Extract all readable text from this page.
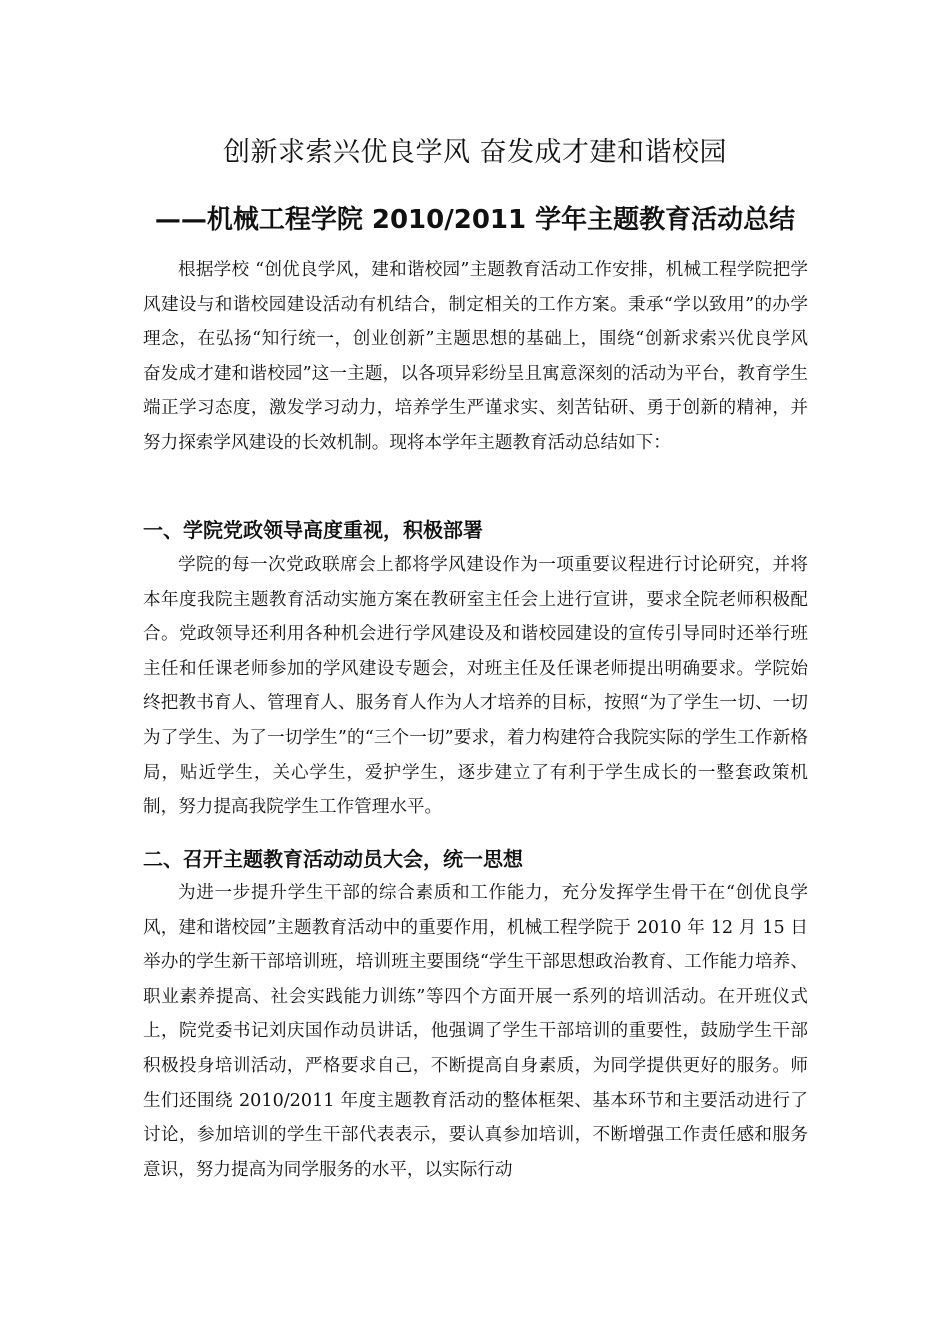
创新求索兴优良学风 奋发成才建和谐校园
——机械工程学院 2010/2011 学年主题教育活动总结

根据学校 “创优良学风，建和谐校园”主题教育活动工作安排，机械工程学院把学风建设与和谐校园建设活动有机结合，制定相关的工作方案。秉承“学以致用”的办学理念，在弘扬“知行统一，创业创新”主题思想的基础上，围绕“创新求索兴优良学风 奋发成才建和谐校园”这一主题，以各项异彩纷呈且寓意深刻的活动为平台，教育学生端正学习态度，激发学习动力，培养学生严谨求实、刻苦钻研、勇于创新的精神，并努力探索学风建设的长效机制。现将本学年主题教育活动总结如下：

一、学院党政领导高度重视，积极部署

学院的每一次党政联席会上都将学风建设作为一项重要议程进行讨论研究，并将本年度我院主题教育活动实施方案在教研室主任会上进行宣讲，要求全院老师积极配合。党政领导还利用各种机会进行学风建设及和谐校园建设的宣传引导同时还举行班主任和任课老师参加的学风建设专题会，对班主任及任课老师提出明确要求。学院始终把教书育人、管理育人、服务育人作为人才培养的目标，按照“为了学生一切、一切为了学生、为了一切学生”的“三个一切”要求，着力构建符合我院实际的学生工作新格局，贴近学生，关心学生，爱护学生，逐步建立了有利于学生成长的一整套政策机制，努力提高我院学生工作管理水平。

二、召开主题教育活动动员大会，统一思想

为进一步提升学生干部的综合素质和工作能力，充分发挥学生骨干在“创优良学风，建和谐校园”主题教育活动中的重要作用，机械工程学院于 2010 年 12 月 15 日举办的学生新干部培训班，培训班主要围绕“学生干部思想政治教育、工作能力培养、职业素养提高、社会实践能力训练”等四个方面开展一系列的培训活动。在开班仪式上，院党委书记刘庆国作动员讲话，他强调了学生干部培训的重要性，鼓励学生干部积极投身培训活动，严格要求自己，不断提高自身素质，为同学提供更好的服务。师生们还围绕 2010/2011 年度主题教育活动的整体框架、基本环节和主要活动进行了讨论，参加培训的学生干部代表表示，要认真参加培训，不断增强工作责任感和服务意识，努力提高为同学服务的水平，以实际行动
